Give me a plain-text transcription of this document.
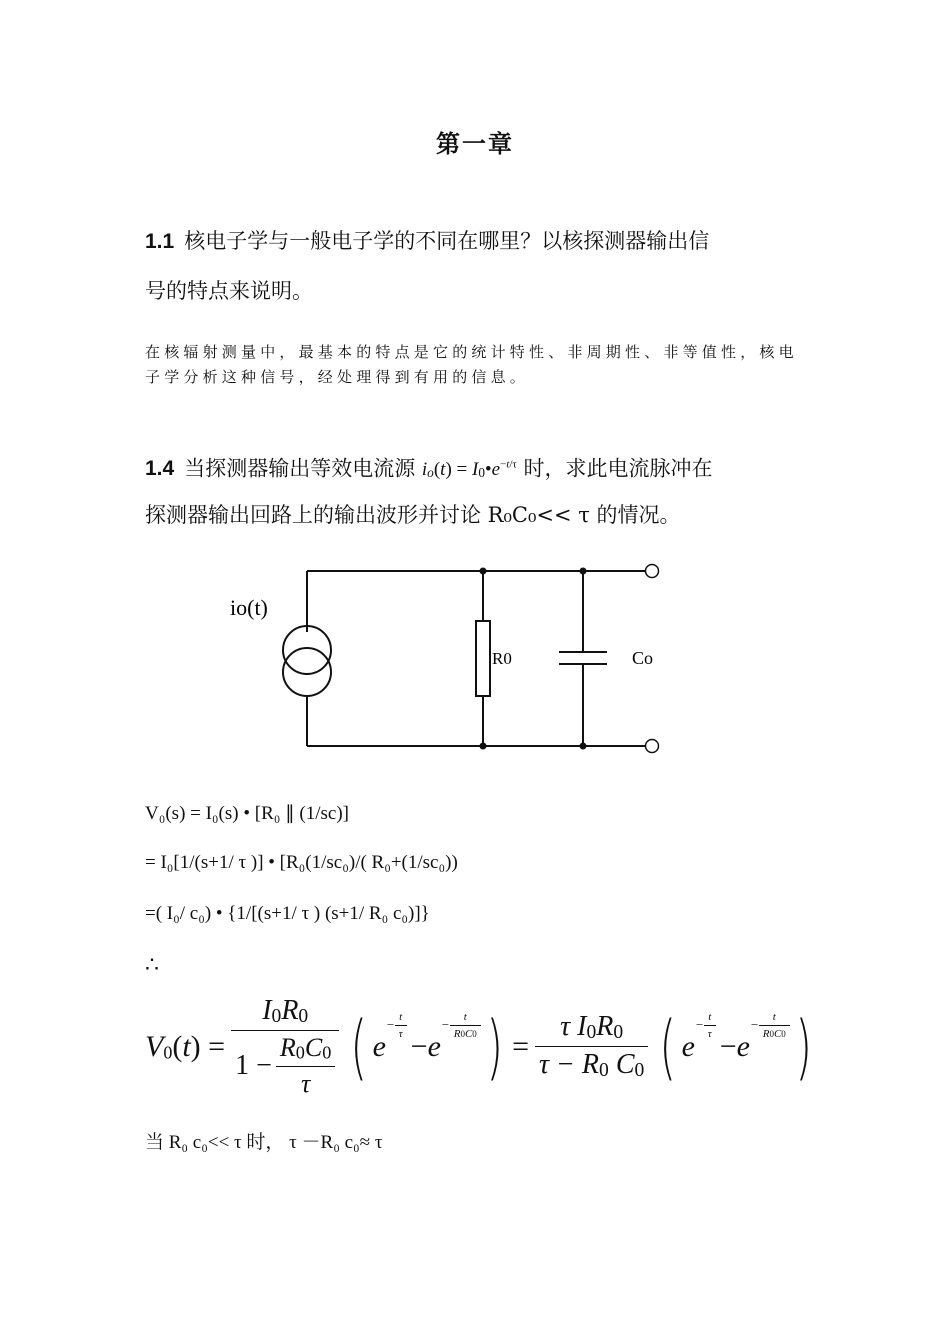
第一章
1.1 核电子学与一般电子学的不同在哪里？以核探测器输出信
号的特点来说明。
在核辐射测量中，最基本的特点是它的统计特性、非周期性、非等值性，核电子学分析这种信号，经处理得到有用的信息。
1.4 当探测器输出等效电流源 $io(t) = I0•e^{-t/\tau}$ 时，求此电流脉冲在
探测器输出回路上的输出波形并讨论 R₀C₀<< τ 的情况。
io(t)
R0	Co
V₀(s) = I₀(s) • [R₀ ∥ (1/sc)]
= I₀[1/(s+1/ τ )] • [R₀(1/sc₀)/( R₀+(1/sc₀))
=( I₀/ c₀) • {1/[(s+1/ τ ) (s+1/ R₀ c₀)]}
∴
$V0(t) = \frac{I0R0}{1 - \frac{R0C0}{\tau}}$ ( $e^{- \frac{t}{\tau}}$
$-e^{- \frac{t}{R0C0}}$ ) = $\frac{\text{τ I0R0}}{\tau - R0 C0}$ ( $e^{- \frac{t}{\tau}}$
$-e^{- \frac{t}{R0C0}}$ )
当 R₀ c₀<< τ 时， τ －R₀ c₀≈ τ
